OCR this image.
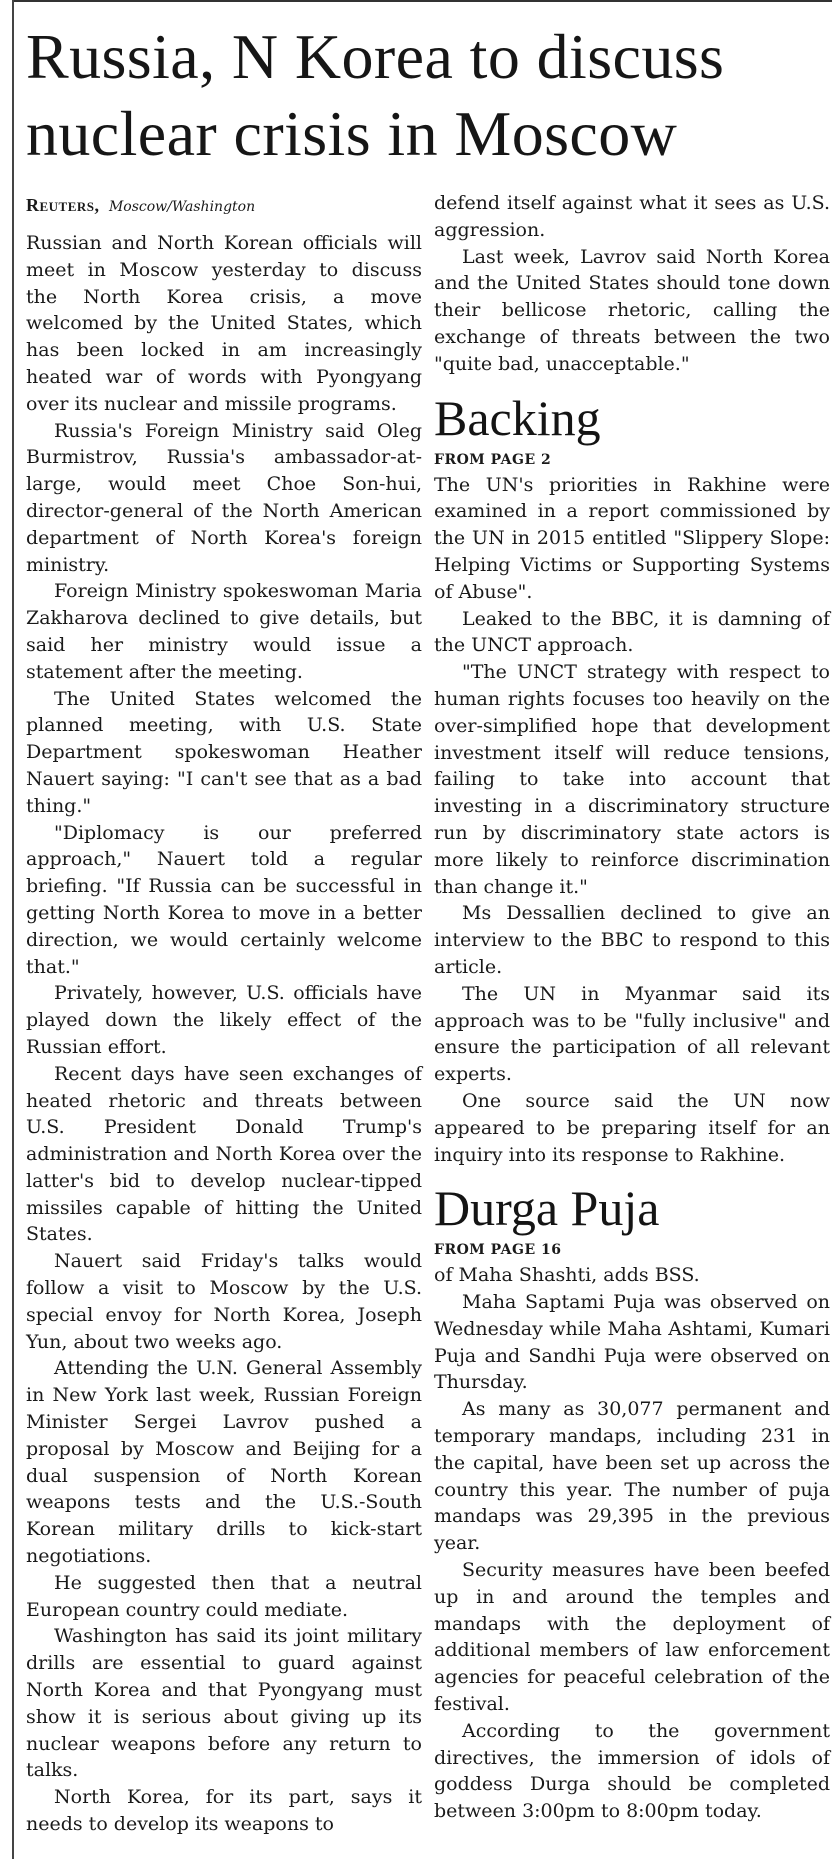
Russia, N Korea to discuss nuclear crisis in Moscow
Reuters, Moscow/Washington

Russian and North Korean officials will meet in Moscow yesterday to discuss the North Korea crisis, a move welcomed by the United States, which has been locked in am increasingly heated war of words with Pyongyang over its nuclear and missile programs.

Russia's Foreign Ministry said Oleg Burmistrov, Russia's ambassador-at-large, would meet Choe Son-hui, director-general of the North American department of North Korea's foreign ministry.

Foreign Ministry spokeswoman Maria Zakharova declined to give details, but said her ministry would issue a statement after the meeting.

The United States welcomed the planned meeting, with U.S. State Department spokeswoman Heather Nauert saying: "I can't see that as a bad thing."

"Diplomacy is our preferred approach," Nauert told a regular briefing. "If Russia can be successful in getting North Korea to move in a better direction, we would certainly welcome that."

Privately, however, U.S. officials have played down the likely effect of the Russian effort.

Recent days have seen exchanges of heated rhetoric and threats between U.S. President Donald Trump's administration and North Korea over the latter's bid to develop nuclear-tipped missiles capable of hitting the United States.

Nauert said Friday's talks would follow a visit to Moscow by the U.S. special envoy for North Korea, Joseph Yun, about two weeks ago.

Attending the U.N. General Assembly in New York last week, Russian Foreign Minister Sergei Lavrov pushed a proposal by Moscow and Beijing for a dual suspension of North Korean weapons tests and the U.S.-South Korean military drills to kick-start negotiations.

He suggested then that a neutral European country could mediate.

Washington has said its joint military drills are essential to guard against North Korea and that Pyongyang must show it is serious about giving up its nuclear weapons before any return to talks.

North Korea, for its part, says it needs to develop its weapons to

defend itself against what it sees as U.S. aggression.

Last week, Lavrov said North Korea and the United States should tone down their bellicose rhetoric, calling the exchange of threats between the two "quite bad, unacceptable."

Backing
FROM PAGE 2

The UN's priorities in Rakhine were examined in a report commissioned by the UN in 2015 entitled "Slippery Slope: Helping Victims or Supporting Systems of Abuse".

Leaked to the BBC, it is damning of the UNCT approach.

"The UNCT strategy with respect to human rights focuses too heavily on the over-simplified hope that development investment itself will reduce tensions, failing to take into account that investing in a discriminatory structure run by discriminatory state actors is more likely to reinforce discrimination than change it."

Ms Dessallien declined to give an interview to the BBC to respond to this article.

The UN in Myanmar said its approach was to be "fully inclusive" and ensure the participation of all relevant experts.

One source said the UN now appeared to be preparing itself for an inquiry into its response to Rakhine.

Durga Puja
FROM PAGE 16

of Maha Shashti, adds BSS.

Maha Saptami Puja was observed on Wednesday while Maha Ashtami, Kumari Puja and Sandhi Puja were observed on Thursday.

As many as 30,077 permanent and temporary mandaps, including 231 in the capital, have been set up across the country this year. The number of puja mandaps was 29,395 in the previous year.

Security measures have been beefed up in and around the temples and mandaps with the deployment of additional members of law enforcement agencies for peaceful celebration of the festival.

According to the government directives, the immersion of idols of goddess Durga should be completed between 3:00pm to 8:00pm today.
